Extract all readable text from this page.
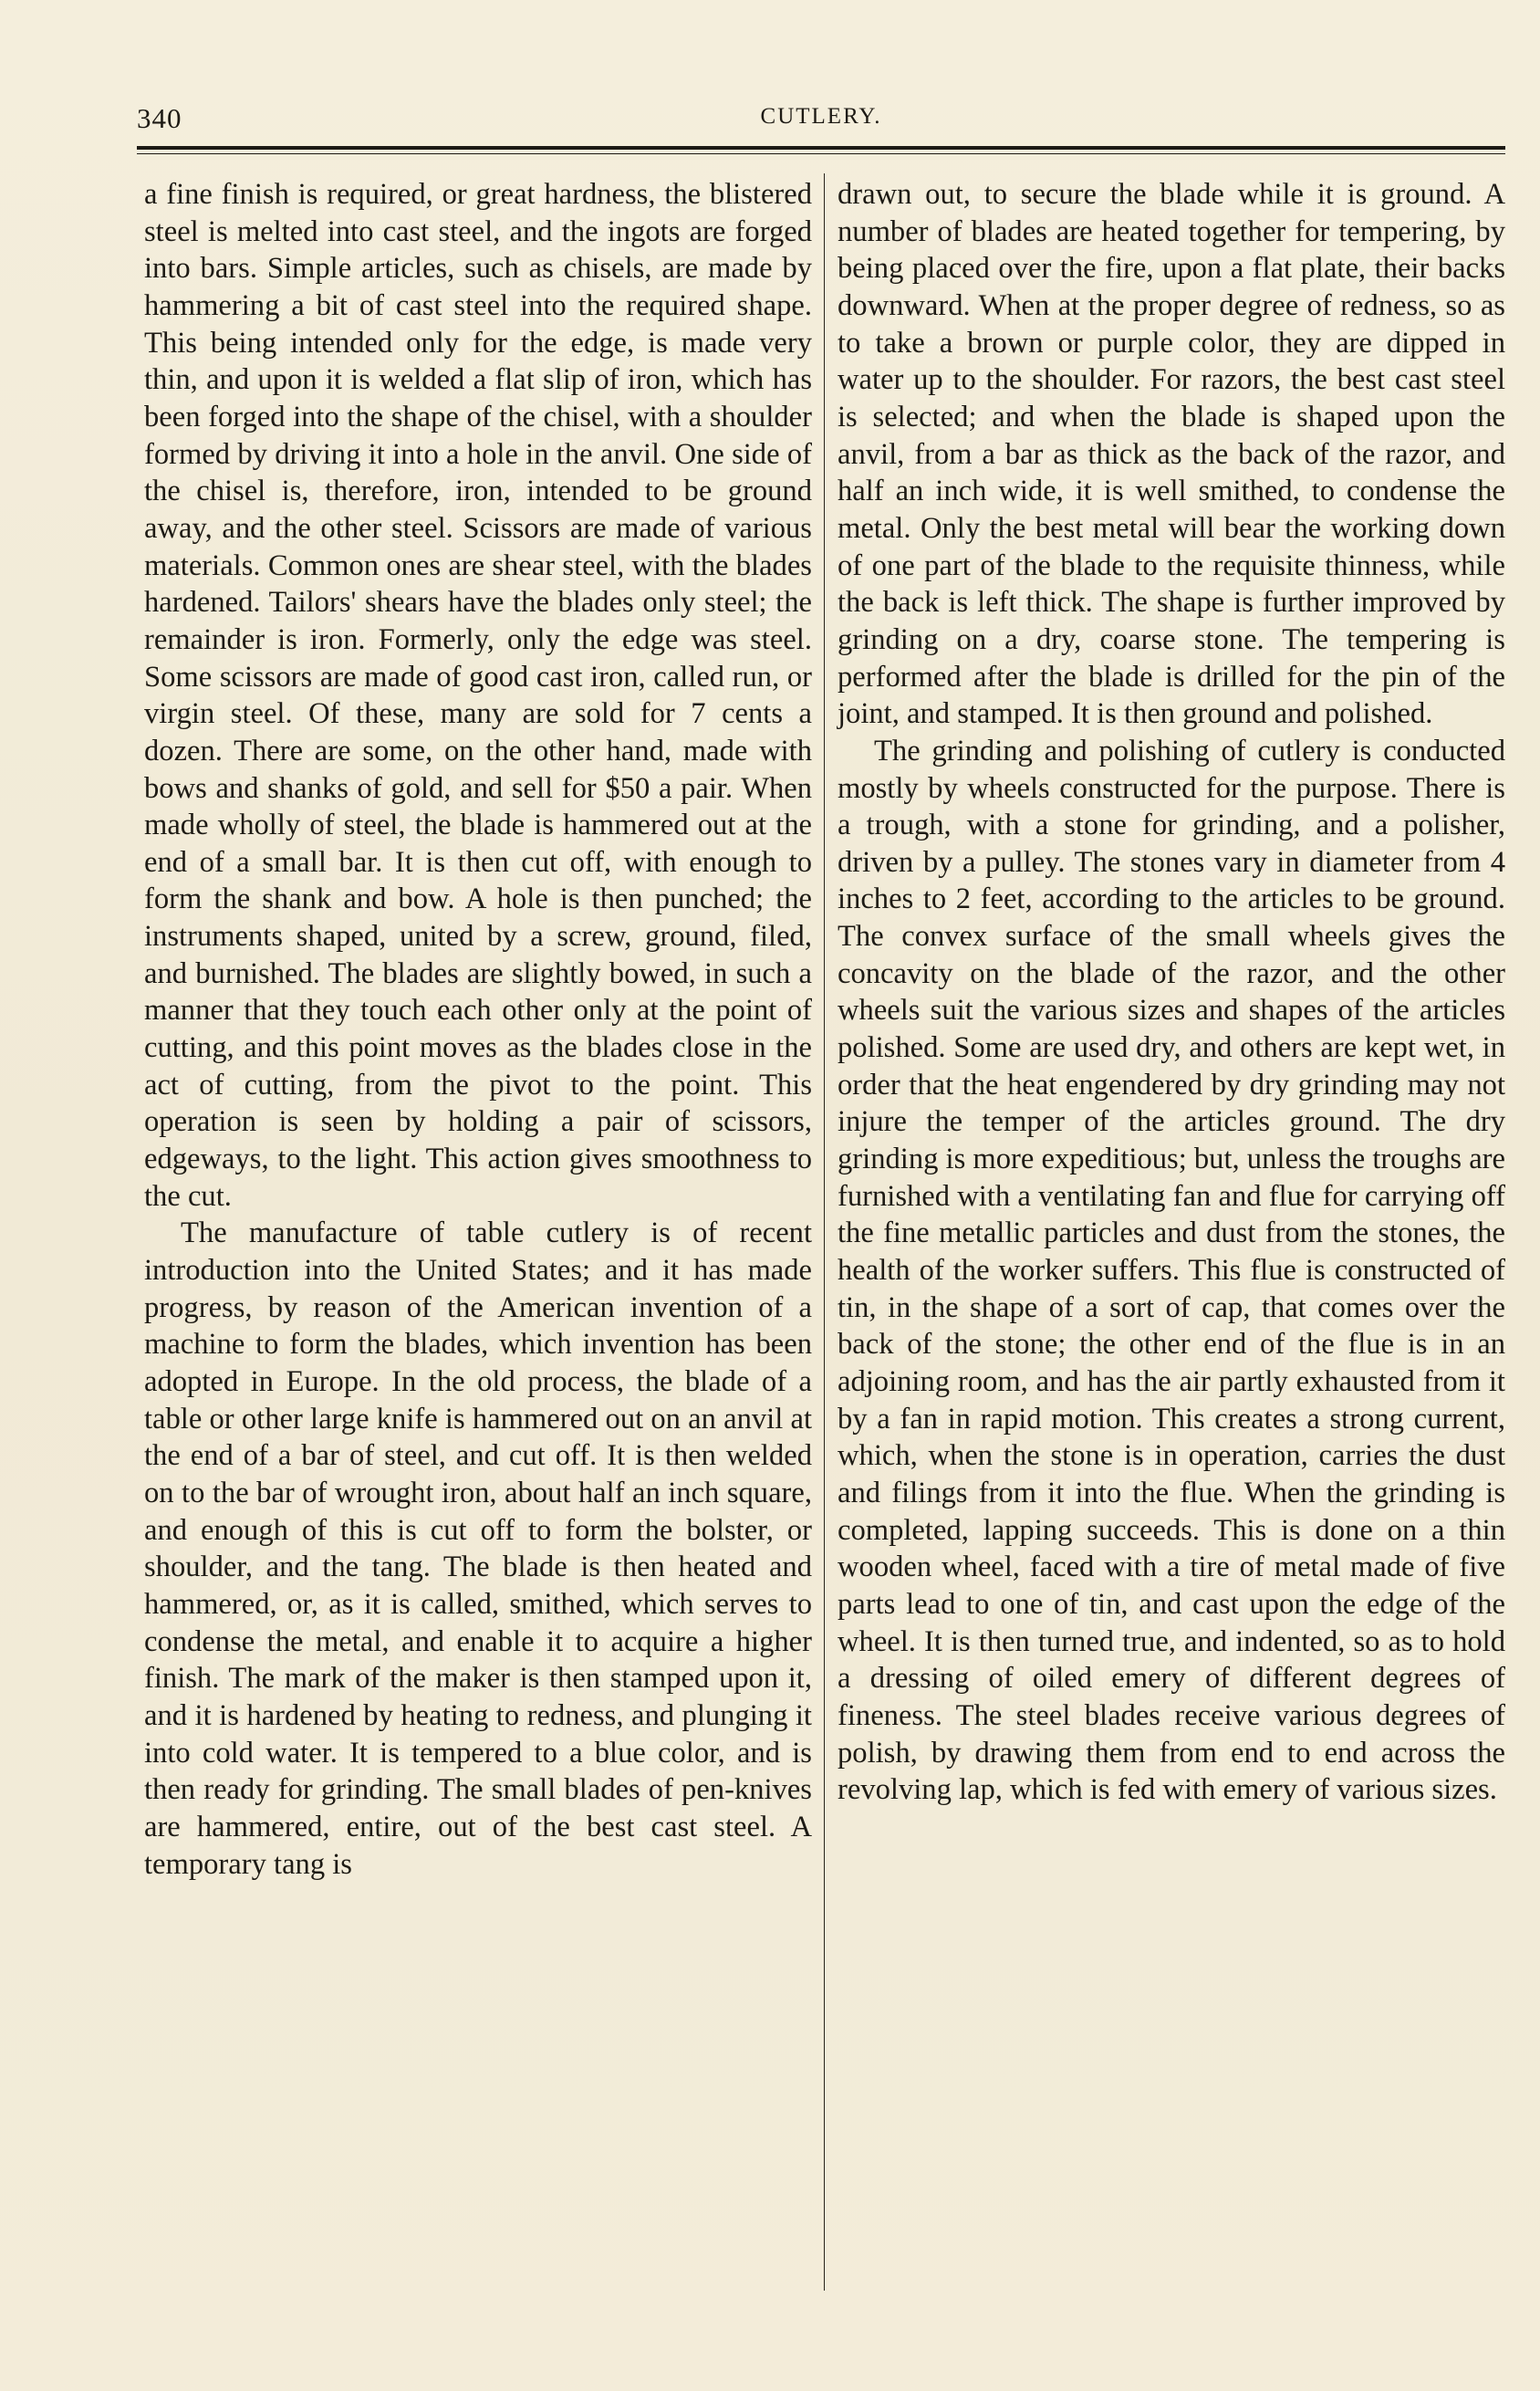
340	CUTLERY.

a fine finish is required, or great hardness, the blistered steel is melted into cast steel, and the ingots are forged into bars. Simple articles, such as chisels, are made by hammering a bit of cast steel into the required shape. This being intended only for the edge, is made very thin, and upon it is welded a flat slip of iron, which has been forged into the shape of the chisel, with a shoulder formed by driving it into a hole in the anvil. One side of the chisel is, therefore, iron, intended to be ground away, and the other steel. Scissors are made of various materials. Common ones are shear steel, with the blades hardened. Tailors' shears have the blades only steel; the remainder is iron. Formerly, only the edge was steel. Some scissors are made of good cast iron, called run, or virgin steel. Of these, many are sold for 7 cents a dozen. There are some, on the other hand, made with bows and shanks of gold, and sell for $50 a pair. When made wholly of steel, the blade is hammered out at the end of a small bar. It is then cut off, with enough to form the shank and bow. A hole is then punched; the instruments shaped, united by a screw, ground, filed, and burnished. The blades are slightly bowed, in such a manner that they touch each other only at the point of cutting, and this point moves as the blades close in the act of cutting, from the pivot to the point. This operation is seen by holding a pair of scissors, edgeways, to the light. This action gives smoothness to the cut.

The manufacture of table cutlery is of recent introduction into the United States; and it has made progress, by reason of the American invention of a machine to form the blades, which invention has been adopted in Europe. In the old process, the blade of a table or other large knife is hammered out on an anvil at the end of a bar of steel, and cut off. It is then welded on to the bar of wrought iron, about half an inch square, and enough of this is cut off to form the bolster, or shoulder, and the tang. The blade is then heated and hammered, or, as it is called, smithed, which serves to condense the metal, and enable it to acquire a higher finish. The mark of the maker is then stamped upon it, and it is hardened by heating to redness, and plunging it into cold water. It is tempered to a blue color, and is then ready for grinding. The small blades of pen-knives are hammered, entire, out of the best cast steel. A temporary tang is

drawn out, to secure the blade while it is ground. A number of blades are heated together for tempering, by being placed over the fire, upon a flat plate, their backs downward. When at the proper degree of redness, so as to take a brown or purple color, they are dipped in water up to the shoulder. For razors, the best cast steel is selected; and when the blade is shaped upon the anvil, from a bar as thick as the back of the razor, and half an inch wide, it is well smithed, to condense the metal. Only the best metal will bear the working down of one part of the blade to the requisite thinness, while the back is left thick. The shape is further improved by grinding on a dry, coarse stone. The tempering is performed after the blade is drilled for the pin of the joint, and stamped. It is then ground and polished.

The grinding and polishing of cutlery is conducted mostly by wheels constructed for the purpose. There is a trough, with a stone for grinding, and a polisher, driven by a pulley. The stones vary in diameter from 4 inches to 2 feet, according to the articles to be ground. The convex surface of the small wheels gives the concavity on the blade of the razor, and the other wheels suit the various sizes and shapes of the articles polished. Some are used dry, and others are kept wet, in order that the heat engendered by dry grinding may not injure the temper of the articles ground. The dry grinding is more expeditious; but, unless the troughs are furnished with a ventilating fan and flue for carrying off the fine metallic particles and dust from the stones, the health of the worker suffers. This flue is constructed of tin, in the shape of a sort of cap, that comes over the back of the stone; the other end of the flue is in an adjoining room, and has the air partly exhausted from it by a fan in rapid motion. This creates a strong current, which, when the stone is in operation, carries the dust and filings from it into the flue. When the grinding is completed, lapping succeeds. This is done on a thin wooden wheel, faced with a tire of metal made of five parts lead to one of tin, and cast upon the edge of the wheel. It is then turned true, and indented, so as to hold a dressing of oiled emery of different degrees of fineness. The steel blades receive various degrees of polish, by drawing them from end to end across the revolving lap, which is fed with emery of various sizes.
